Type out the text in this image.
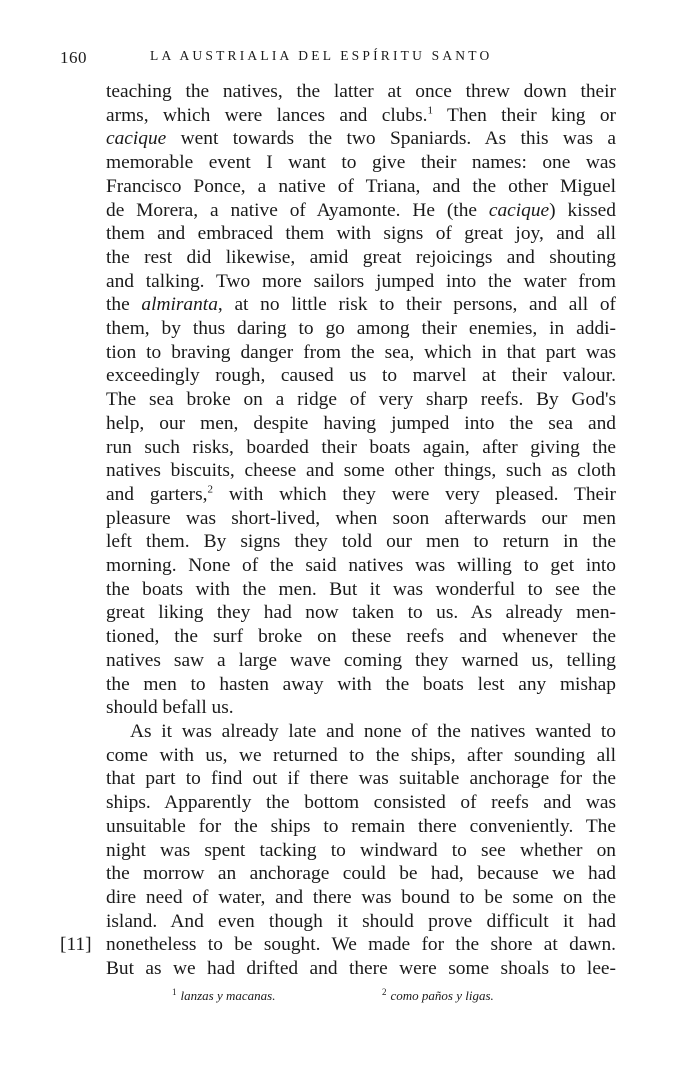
160	LA AUSTRIALIA DEL ESPÍRITU SANTO
teaching the natives, the latter at once threw down their
arms, which were lances and clubs.$^1$ Then their king or
cacique went towards the two Spaniards. As this was a
memorable event I want to give their names: one was
Francisco Ponce, a native of Triana, and the other Miguel
de Morera, a native of Ayamonte. He (the cacique) kissed
them and embraced them with signs of great joy, and all
the rest did likewise, amid great rejoicings and shouting
and talking. Two more sailors jumped into the water from
the almiranta, at no little risk to their persons, and all of
them, by thus daring to go among their enemies, in addi-
tion to braving danger from the sea, which in that part was
exceedingly rough, caused us to marvel at their valour.
The sea broke on a ridge of very sharp reefs. By God's
help, our men, despite having jumped into the sea and
run such risks, boarded their boats again, after giving the
natives biscuits, cheese and some other things, such as cloth
and garters,$^2$ with which they were very pleased. Their
pleasure was short-lived, when soon afterwards our men
left them. By signs they told our men to return in the
morning. None of the said natives was willing to get into
the boats with the men. But it was wonderful to see the
great liking they had now taken to us. As already men-
tioned, the surf broke on these reefs and whenever the
natives saw a large wave coming they warned us, telling
the men to hasten away with the boats lest any mishap
should befall us.
As it was already late and none of the natives wanted to
come with us, we returned to the ships, after sounding all
that part to find out if there was suitable anchorage for the
ships. Apparently the bottom consisted of reefs and was
unsuitable for the ships to remain there conveniently. The
night was spent tacking to windward to see whether on
the morrow an anchorage could be had, because we had
dire need of water, and there was bound to be some on the
island. And even though it should prove difficult it had
[11] nonetheless to be sought. We made for the shore at dawn.
But as we had drifted and there were some shoals to lee-
$^1$ lanzas y macanas.	$^2$ como paños y ligas.
